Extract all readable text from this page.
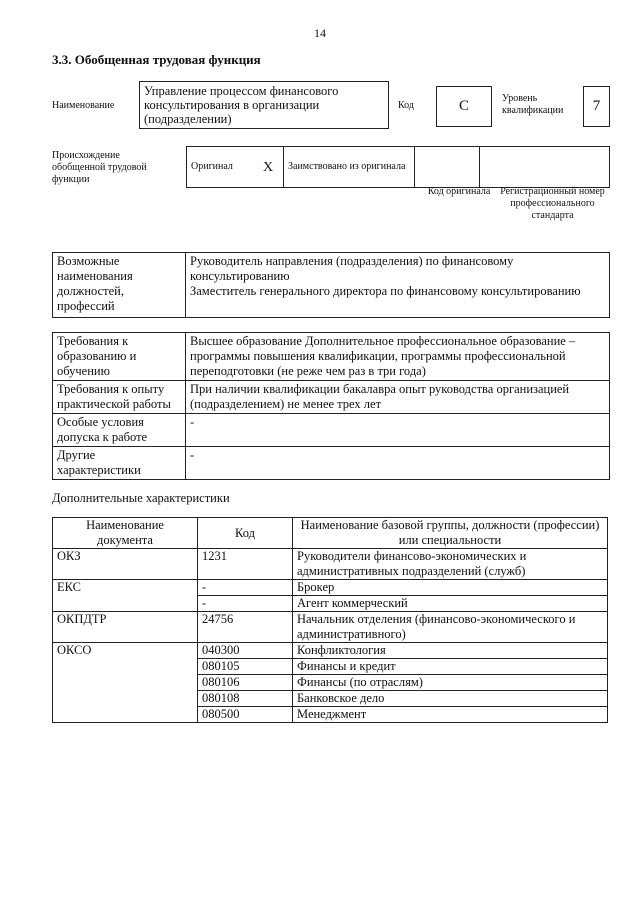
14
3.3. Обобщенная трудовая функция
Наименование
Управление процессом финансового консультирования в организации (подразделении)
Код	С	Уровень квалификации	7
Происхождение обобщенной трудовой функции
Оригинал	Х	Заимствовано из оригинала		
Код оригинала Регистрационный номер профессионального стандарта
Возможные наименования должностей, профессий	
Руководитель направления (подразделения) по финансовому консультированию
Заместитель генерального директора по финансовому консультированию
Требования к образованию и обучению	Высшее образование Дополнительное профессиональное образование – программы повышения квалификации, программы профессиональной переподготовки (не реже чем раз в три года)
Требования к опыту практической работы	При наличии квалификации бакалавра опыт руководства организацией (подразделением) не менее трех лет
Особые условия допуска к работе	-
Другие характеристики	-
Дополнительные характеристики
Наименование документа	Код	Наименование базовой группы, должности (профессии) или специальности
ОКЗ	1231	Руководители финансово-экономических и административных подразделений (служб)
ЕКС	-	Брокер
	-	Агент коммерческий
ОКПДТР	24756	Начальник отделения (финансово-экономического и административного)
ОКСО	040300	Конфликтология
	080105	Финансы и кредит
	080106	Финансы (по отраслям)
	080108	Банковское дело
	080500	Менеджмент
